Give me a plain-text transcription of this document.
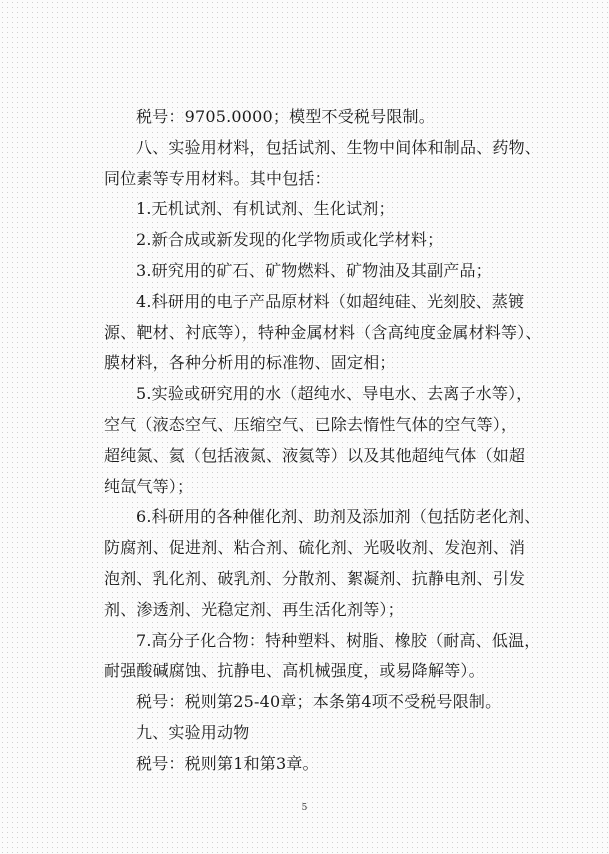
税号：9705.0000；模型不受税号限制。
八、实验用材料，包括试剂、生物中间体和制品、药物、
同位素等专用材料。其中包括：
1.无机试剂、有机试剂、生化试剂；
2.新合成或新发现的化学物质或化学材料；
3.研究用的矿石、矿物燃料、矿物油及其副产品；
4.科研用的电子产品原材料（如超纯硅、光刻胶、蒸镀
源、靶材、衬底等），特种金属材料（含高纯度金属材料等）、
膜材料，各种分析用的标准物、固定相；
5.实验或研究用的水（超纯水、导电水、去离子水等），
空气（液态空气、压缩空气、已除去惰性气体的空气等），
超纯氮、氦（包括液氮、液氦等）以及其他超纯气体（如超
纯氙气等）；
6.科研用的各种催化剂、助剂及添加剂（包括防老化剂、
防腐剂、促进剂、粘合剂、硫化剂、光吸收剂、发泡剂、消
泡剂、乳化剂、破乳剂、分散剂、絮凝剂、抗静电剂、引发
剂、渗透剂、光稳定剂、再生活化剂等）；
7.高分子化合物：特种塑料、树脂、橡胶（耐高、低温，
耐强酸碱腐蚀、抗静电、高机械强度，或易降解等）。
税号：税则第25-40章；本条第4项不受税号限制。
九、实验用动物
税号：税则第1和第3章。
5
